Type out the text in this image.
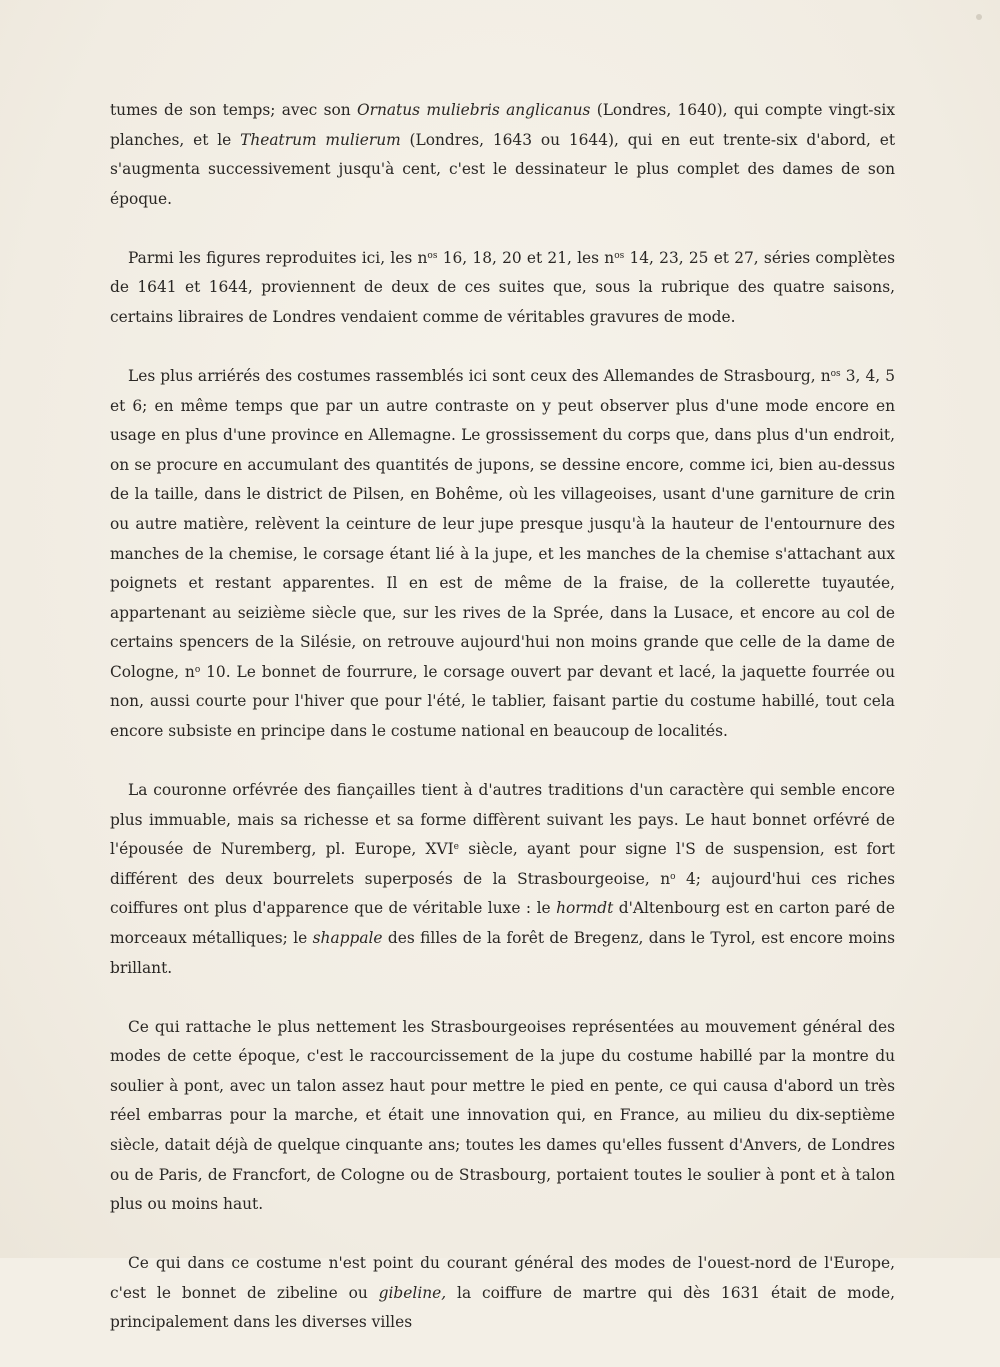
tumes de son temps; avec son Ornatus muliebris anglicanus (Londres, 1640), qui compte vingt-six planches, et le Theatrum mulierum (Londres, 1643 ou 1644), qui en eut trente-six d'abord, et s'augmenta successivement jusqu'à cent, c'est le dessinateur le plus complet des dames de son époque.

Parmi les figures reproduites ici, les $n^{os}$ 16, 18, 20 et 21, les $n^{os}$ 14, 23, 25 et 27, séries complètes de 1641 et 1644, proviennent de deux de ces suites que, sous la rubrique des quatre saisons, certains libraires de Londres vendaient comme de véritables gravures de mode.

Les plus arriérés des costumes rassemblés ici sont ceux des Allemandes de Strasbourg, $n^{os}$ 3, 4, 5 et 6; en même temps que par un autre contraste on y peut observer plus d'une mode encore en usage en plus d'une province en Allemagne. Le grossissement du corps que, dans plus d'un endroit, on se procure en accumulant des quantités de jupons, se dessine encore, comme ici, bien au-dessus de la taille, dans le district de Pilsen, en Bohême, où les villageoises, usant d'une garniture de crin ou autre matière, relèvent la ceinture de leur jupe presque jusqu'à la hauteur de l'entournure des manches de la chemise, le corsage étant lié à la jupe, et les manches de la chemise s'attachant aux poignets et restant apparentes. Il en est de même de la fraise, de la collerette tuyautée, appartenant au seizième siècle que, sur les rives de la Sprée, dans la Lusace, et encore au col de certains spencers de la Silésie, on retrouve aujourd'hui non moins grande que celle de la dame de Cologne, $n^o$ 10. Le bonnet de fourrure, le corsage ouvert par devant et lacé, la jaquette fourrée ou non, aussi courte pour l'hiver que pour l'été, le tablier, faisant partie du costume habillé, tout cela encore subsiste en principe dans le costume national en beaucoup de localités.

La couronne orfévrée des fiançailles tient à d'autres traditions d'un caractère qui semble encore plus immuable, mais sa richesse et sa forme diffèrent suivant les pays. Le haut bonnet orfévré de l'épousée de Nuremberg, pl. Europe, XVIe siècle, ayant pour signe l'S de suspension, est fort différent des deux bourrelets superposés de la Strasbourgeoise, $n^o$ 4; aujourd'hui ces riches coiffures ont plus d'apparence que de véritable luxe : le hormdt d'Altenbourg est en carton paré de morceaux métalliques; le shappale des filles de la forêt de Bregenz, dans le Tyrol, est encore moins brillant.

Ce qui rattache le plus nettement les Strasbourgeoises représentées au mouvement général des modes de cette époque, c'est le raccourcissement de la jupe du costume habillé par la montre du soulier à pont, avec un talon assez haut pour mettre le pied en pente, ce qui causa d'abord un très réel embarras pour la marche, et était une innovation qui, en France, au milieu du dix-septième siècle, datait déjà de quelque cinquante ans; toutes les dames qu'elles fussent d'Anvers, de Londres ou de Paris, de Francfort, de Cologne ou de Strasbourg, portaient toutes le soulier à pont et à talon plus ou moins haut.

Ce qui dans ce costume n'est point du courant général des modes de l'ouest-nord de l'Europe, c'est le bonnet de zibeline ou gibeline, la coiffure de martre qui dès 1631 était de mode, principalement dans les diverses villes
